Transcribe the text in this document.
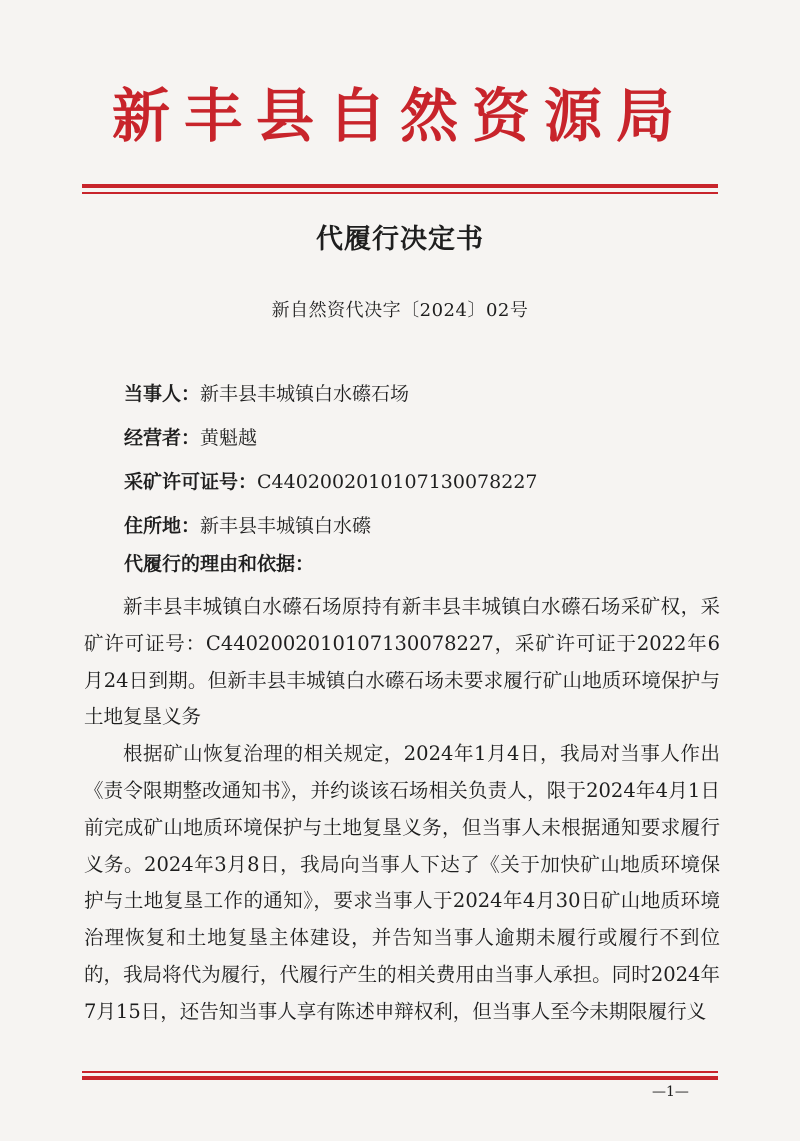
新丰县自然资源局
代履行决定书
新自然资代决字〔2024〕02号
当事人：新丰县丰城镇白水礤石场
经营者：黄魁越
采矿许可证号：C4402002010107130078227
住所地：新丰县丰城镇白水礤
代履行的理由和依据：

新丰县丰城镇白水礤石场原持有新丰县丰城镇白水礤石场采矿权，采矿许可证号：C4402002010107130078227，采矿许可证于2022年6月24日到期。但新丰县丰城镇白水礤石场未要求履行矿山地质环境保护与土地复垦义务

根据矿山恢复治理的相关规定，2024年1月4日，我局对当事人作出《责令限期整改通知书》，并约谈该石场相关负责人，限于2024年4月1日前完成矿山地质环境保护与土地复垦义务，但当事人未根据通知要求履行义务。2024年3月8日，我局向当事人下达了《关于加快矿山地质环境保护与土地复垦工作的通知》，要求当事人于2024年4月30日矿山地质环境治理恢复和土地复垦主体建设，并告知当事人逾期未履行或履行不到位的，我局将代为履行，代履行产生的相关费用由当事人承担。同时2024年7月15日，还告知当事人享有陈述申辩权利，但当事人至今未期限履行义

—1—
